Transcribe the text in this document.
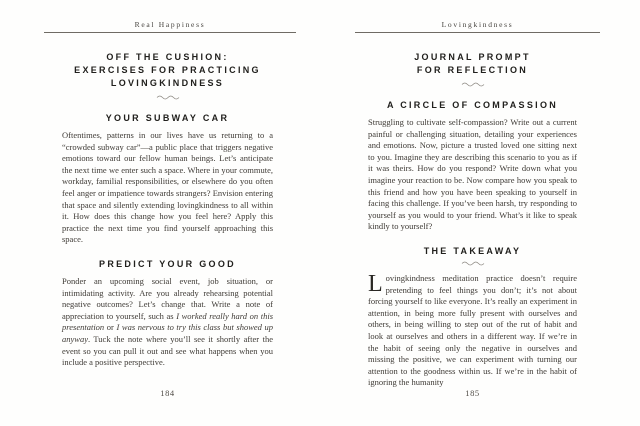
Real Happiness
OFF THE CUSHION:
EXERCISES FOR PRACTICING
LOVINGKINDNESS
YOUR SUBWAY CAR

Oftentimes, patterns in our lives have us returning to a “crowded subway car”—a public place that triggers negative emotions toward our fellow human beings. Let’s anticipate the next time we enter such a space. Where in your commute, workday, familial responsibilities, or elsewhere do you often feel anger or impatience towards strangers? Envision entering that space and silently extending lovingkindness to all within it. How does this change how you feel here? Apply this practice the next time you find yourself approaching this space.

PREDICT YOUR GOOD

Ponder an upcoming social event, job situation, or intimidating activity. Are you already rehearsing potential negative outcomes? Let’s change that. Write a note of appreciation to yourself, such as I worked really hard on this presentation or I was nervous to try this class but showed up anyway. Tuck the note where you’ll see it shortly after the event so you can pull it out and see what happens when you include a positive perspective.

184
Lovingkindness
JOURNAL PROMPT
FOR REFLECTION
A CIRCLE OF COMPASSION

Struggling to cultivate self-compassion? Write out a current painful or challenging situation, detailing your experiences and emotions. Now, picture a trusted loved one sitting next to you. Imagine they are describing this scenario to you as if it was theirs. How do you respond? Write down what you imagine your reaction to be. Now compare how you speak to this friend and how you have been speaking to yourself in facing this challenge. If you’ve been harsh, try responding to yourself as you would to your friend. What’s it like to speak kindly to yourself?

THE TAKEAWAY

Lovingkindness meditation practice doesn’t require pretending to feel things you don’t; it’s not about forcing yourself to like everyone. It’s really an experiment in attention, in being more fully present with ourselves and others, in being willing to step out of the rut of habit and look at ourselves and others in a different way. If we’re in the habit of seeing only the negative in ourselves and missing the positive, we can experiment with turning our attention to the goodness within us. If we’re in the habit of ignoring the humanity

185
